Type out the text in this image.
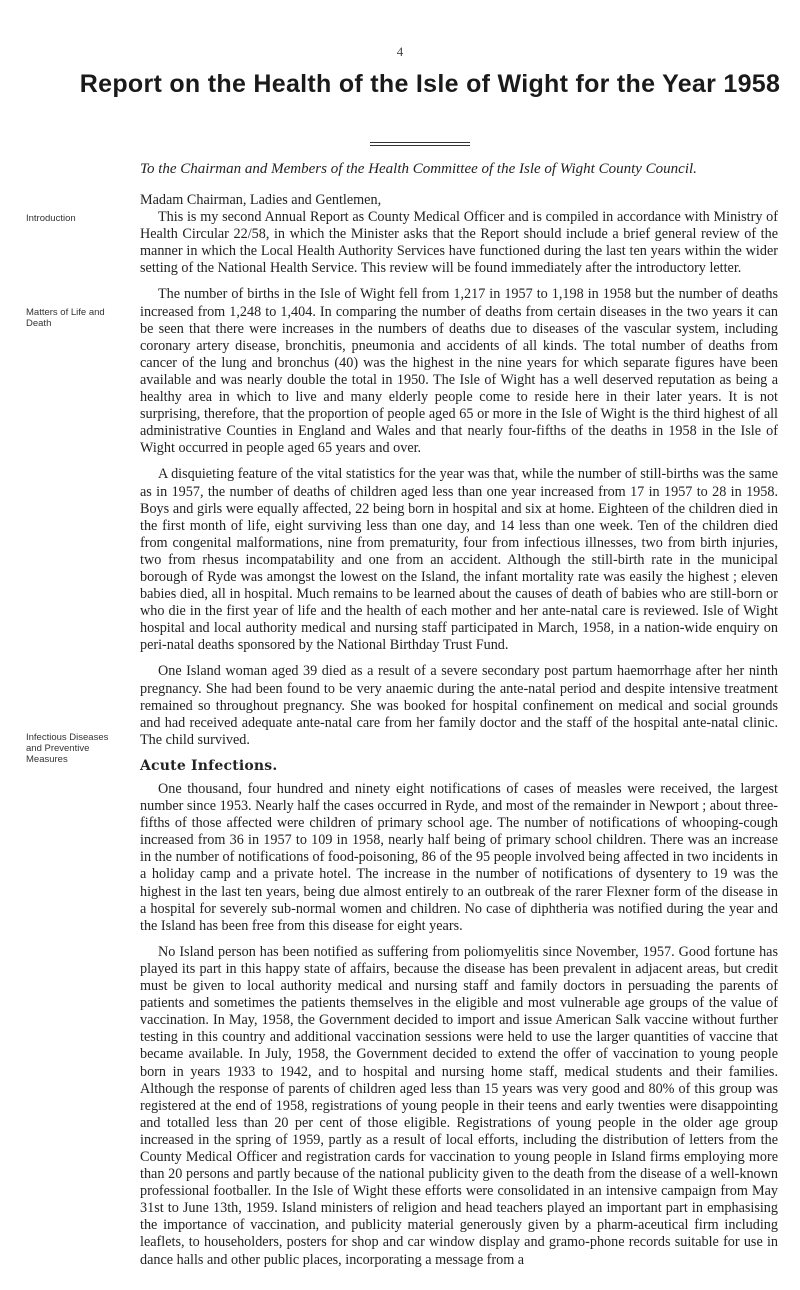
4
Report on the Health of the Isle of Wight for the Year 1958
To the Chairman and Members of the Health Committee of the Isle of Wight County Council.
Introduction
Matters of Life and Death
Infectious Diseases and Preventive Measures

Madam Chairman, Ladies and Gentlemen,

This is my second Annual Report as County Medical Officer and is compiled in accordance with Ministry of Health Circular 22/58, in which the Minister asks that the Report should include a brief general review of the manner in which the Local Health Authority Services have functioned during the last ten years within the wider setting of the National Health Service. This review will be found immediately after the introductory letter.

The number of births in the Isle of Wight fell from 1,217 in 1957 to 1,198 in 1958 but the number of deaths increased from 1,248 to 1,404. In comparing the number of deaths from certain diseases in the two years it can be seen that there were increases in the numbers of deaths due to diseases of the vascular system, including coronary artery disease, bronchitis, pneumonia and accidents of all kinds. The total number of deaths from cancer of the lung and bronchus (40) was the highest in the nine years for which separate figures have been available and was nearly double the total in 1950. The Isle of Wight has a well deserved reputation as being a healthy area in which to live and many elderly people come to reside here in their later years. It is not surprising, therefore, that the proportion of people aged 65 or more in the Isle of Wight is the third highest of all administrative Counties in England and Wales and that nearly four-fifths of the deaths in 1958 in the Isle of Wight occurred in people aged 65 years and over.

A disquieting feature of the vital statistics for the year was that, while the number of still-births was the same as in 1957, the number of deaths of children aged less than one year increased from 17 in 1957 to 28 in 1958. Boys and girls were equally affected, 22 being born in hospital and six at home. Eighteen of the children died in the first month of life, eight surviving less than one day, and 14 less than one week. Ten of the children died from congenital malformations, nine from prematurity, four from infectious illnesses, two from birth injuries, two from rhesus incompatability and one from an accident. Although the still-birth rate in the municipal borough of Ryde was amongst the lowest on the Island, the infant mortality rate was easily the highest ; eleven babies died, all in hospital. Much remains to be learned about the causes of death of babies who are still-born or who die in the first year of life and the health of each mother and her ante-natal care is reviewed. Isle of Wight hospital and local authority medical and nursing staff participated in March, 1958, in a nation-wide enquiry on peri-natal deaths sponsored by the National Birthday Trust Fund.

One Island woman aged 39 died as a result of a severe secondary post partum haemorrhage after her ninth pregnancy. She had been found to be very anaemic during the ante-natal period and despite intensive treatment remained so throughout pregnancy. She was booked for hospital confinement on medical and social grounds and had received adequate ante-natal care from her family doctor and the staff of the hospital ante-natal clinic. The child survived.

Acute Infections.

One thousand, four hundred and ninety eight notifications of cases of measles were received, the largest number since 1953. Nearly half the cases occurred in Ryde, and most of the remainder in Newport ; about three-fifths of those affected were children of primary school age. The number of notifications of whooping-cough increased from 36 in 1957 to 109 in 1958, nearly half being of primary school children. There was an increase in the number of notifications of food-poisoning, 86 of the 95 people involved being affected in two incidents in a holiday camp and a private hotel. The increase in the number of notifications of dysentery to 19 was the highest in the last ten years, being due almost entirely to an outbreak of the rarer Flexner form of the disease in a hospital for severely sub-normal women and children. No case of diphtheria was notified during the year and the Island has been free from this disease for eight years.

No Island person has been notified as suffering from poliomyelitis since November, 1957. Good fortune has played its part in this happy state of affairs, because the disease has been prevalent in adjacent areas, but credit must be given to local authority medical and nursing staff and family doctors in persuading the parents of patients and sometimes the patients themselves in the eligible and most vulnerable age groups of the value of vaccination. In May, 1958, the Government decided to import and issue American Salk vaccine without further testing in this country and additional vaccination sessions were held to use the larger quantities of vaccine that became available. In July, 1958, the Government decided to extend the offer of vaccination to young people born in years 1933 to 1942, and to hospital and nursing home staff, medical students and their families. Although the response of parents of children aged less than 15 years was very good and 80% of this group was registered at the end of 1958, registrations of young people in their teens and early twenties were disappointing and totalled less than 20 per cent of those eligible. Registrations of young people in the older age group increased in the spring of 1959, partly as a result of local efforts, including the distribution of letters from the County Medical Officer and registration cards for vaccination to young people in Island firms employing more than 20 persons and partly because of the national publicity given to the death from the disease of a well-known professional footballer. In the Isle of Wight these efforts were consolidated in an intensive campaign from May 31st to June 13th, 1959. Island ministers of religion and head teachers played an important part in emphasising the importance of vaccination, and publicity material generously given by a pharm-aceutical firm including leaflets, to householders, posters for shop and car window display and gramo-phone records suitable for use in dance halls and other public places, incorporating a message from a
